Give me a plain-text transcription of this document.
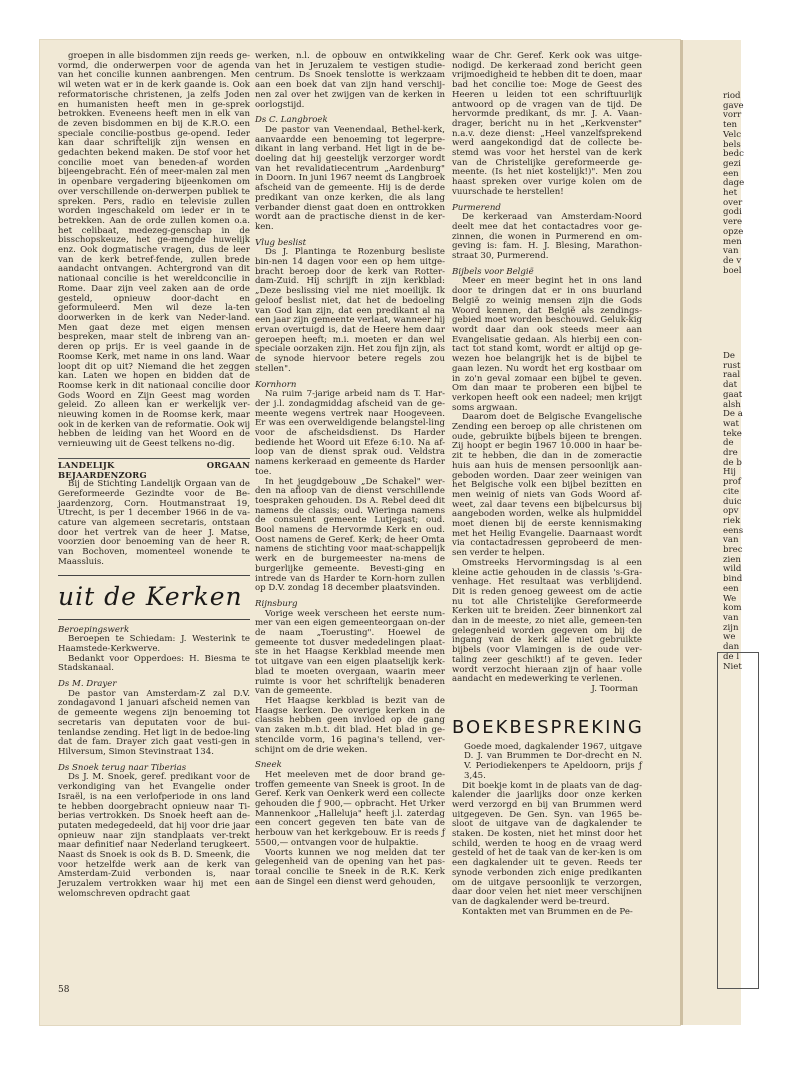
groepen in alle bisdommen zijn reeds ge-vormd, die onderwerpen voor de agenda van het concilie kunnen aanbrengen. Men wil weten wat er in de kerk gaande is. Ook reformatorische christenen, ja zelfs Joden en humanisten heeft men in ge-sprek betrokken. Eveneens heeft men in elk van de zeven bisdommen en bij de K.R.O. een speciale concilie-postbus ge-opend. Ieder kan daar schriftelijk zijn wensen en gedachten bekend maken. De stof voor het concilie moet van beneden-af worden bijeengebracht. Eén of meer-malen zal men in openbare vergadering bijeenkomen om over verschillende on-derwerpen publiek te spreken. Pers, radio en televisie zullen worden ingeschakeld om ieder er in te betrekken. Aan de orde zullen komen o.a. het celibaat, medezeg-genschap in de bisschopskeuze, het ge-mengde huwelijk enz. Ook dogmatische vragen, dus de leer van de kerk betref-fende, zullen brede aandacht ontvangen. Achtergrond van dit nationaal concilie is het wereldconcilie in Rome. Daar zijn veel zaken aan de orde gesteld, opnieuw door-dacht en geformuleerd. Men wil deze la-ten doorwerken in de kerk van Neder-land. Men gaat deze met eigen mensen bespreken, maar stelt de inbreng van an-deren op prijs. Er is veel gaande in de Roomse Kerk, met name in ons land. Waar loopt dit op uit? Niemand die het zeggen kan. Laten we hopen en bidden dat de Roomse kerk in dit nationaal concilie door Gods Woord en Zijn Geest mag worden geleid. Zo alleen kan er werkelijk ver-nieuwing komen in de Roomse kerk, maar ook in de kerken van de reformatie. Ook wij hebben de leiding van het Woord en de vernieuwing uit de Geest telkens no-dig.

LANDELIJK ORGAAN BEJAARDENZORG

Bij de Stichting Landelijk Orgaan van de Gereformeerde Gezindte voor de Be-jaardenzorg, Corn. Houtmanstraat 19, Utrecht, is per 1 december 1966 in de va-cature van algemeen secretaris, ontstaan door het vertrek van de heer J. Matse, voorzien door benoeming van de heer R. van Bochoven, momenteel wonende te Maassluis.

uit de Kerken

Beroepingswerk

Beroepen te Schiedam: J. Westerink te Haamstede-Kerkwerve.

Bedankt voor Opperdoes: H. Biesma te Stadskanaal.

Ds M. Drayer

De pastor van Amsterdam-Z zal D.V. zondagavond 1 januari afscheid nemen van de gemeente wegens zijn benoeming tot secretaris van deputaten voor de bui-tenlandse zending. Het ligt in de bedoe-ling dat de fam. Drayer zich gaat vesti-gen in Hilversum, Simon Stevinstraat 134.

Ds Snoek terug naar Tiberias

Ds J. M. Snoek, geref. predikant voor de verkondiging van het Evangelie onder Israël, is na een verlofperiode in ons land te hebben doorgebracht opnieuw naar Ti-berias vertrokken. Ds Snoek heeft aan de-putaten medegedeeld, dat hij voor drie jaar opnieuw naar zijn standplaats ver-trekt maar definitief naar Nederland terugkeert. Naast ds Snoek is ook ds B. D. Smeenk, die voor hetzelfde werk aan de kerk van Amsterdam-Zuid verbonden is, naar Jeruzalem vertrokken waar hij met een welomschreven opdracht gaat

werken, n.l. de opbouw en ontwikkeling van het in Jeruzalem te vestigen studie-centrum. Ds Snoek tenslotte is werkzaam aan een boek dat van zijn hand verschij-nen zal over het zwijgen van de kerken in oorlogstijd.

Ds C. Langbroek

De pastor van Veenendaal, Bethel-kerk, aanvaardde een benoeming tot legerpre-dikant in lang verband. Het ligt in de be-doeling dat hij geestelijk verzorger wordt van het revalidatiecentrum „Aardenburg" in Doorn. In juni 1967 neemt ds Langbroek afscheid van de gemeente. Hij is de derde predikant van onze kerken, die als lang verbander dienst gaat doen en onttrokken wordt aan de practische dienst in de ker-ken.

Vlug beslist

Ds J. Plantinga te Rozenburg besliste bin-nen 14 dagen voor een op hem uitge-bracht beroep door de kerk van Rotter-dam-Zuid. Hij schrijft in zijn kerkblad: „Deze beslissing viel me niet moeilijk. Ik geloof beslist niet, dat het de bedoeling van God kan zijn, dat een predikant al na een jaar zijn gemeente verlaat, wanneer hij ervan overtuigd is, dat de Heere hem daar geroepen heeft; m.i. moeten er dan wel speciale oorzaken zijn. Het zou fijn zijn, als de synode hiervoor betere regels zou stellen".

Kornhorn

Na ruim 7-jarige arbeid nam ds T. Har-der j.l. zondagmiddag afscheid van de ge-meente wegens vertrek naar Hoogeveen. Er was een overweldigende belangstel-ling voor de afscheidsdienst. Ds Harder bediende het Woord uit Efeze 6:10. Na af-loop van de dienst sprak oud. Veldstra namens kerkeraad en gemeente ds Harder toe.

In het jeugdgebouw „De Schakel" wer-den na afloop van de dienst verschillende toespraken gehouden. Ds A. Rebel deed dit namens de classis; oud. Wieringa namens de consulent gemeente Lutjegast; oud. Bool namens de Hervormde Kerk en oud. Oost namens de Geref. Kerk; de heer Omta namens de stichting voor maat-schappelijk werk en de burgemeester na-mens de burgerlijke gemeente. Bevesti-ging en intrede van ds Harder te Korn-horn zullen op D.V. zondag 18 december plaatsvinden.

Rijnsburg

Vorige week verscheen het eerste num-mer van een eigen gemeenteorgaan on-der de naam „Toerusting". Hoewel de gemeente tot dusver mededelingen plaat-ste in het Haagse Kerkblad meende men tot uitgave van een eigen plaatselijk kerk-blad te moeten overgaan, waarin meer ruimte is voor het schriftelijk benaderen van de gemeente.

Het Haagse kerkblad is bezit van de Haagse kerken. De overige kerken in de classis hebben geen invloed op de gang van zaken m.b.t. dit blad. Het blad in ge-stencilde vorm, 16 pagina's tellend, ver-schijnt om de drie weken.

Sneek

Het meeleven met de door brand ge-troffen gemeente van Sneek is groot. In de Geref. Kerk van Oenkerk werd een collecte gehouden die ƒ 900,— opbracht. Het Urker Mannenkoor „Halleluja" heeft j.l. zaterdag een concert gegeven ten bate van de herbouw van het kerkgebouw. Er is reeds ƒ 5500,— ontvangen voor de hulpaktie.

Voorts kunnen we nog melden dat ter gelegenheid van de opening van het pas-toraal concilie te Sneek in de R.K. Kerk aan de Singel een dienst werd gehouden,

waar de Chr. Geref. Kerk ook was uitge-nodigd. De kerkeraad zond bericht geen vrijmoedigheid te hebben dit te doen, maar bad het concilie toe: Moge de Geest des Heeren u leiden tot een schriftuurlijk antwoord op de vragen van de tijd. De hervormde predikant, ds mr. J. A. Vaan-drager, bericht nu in het „Kerkvenster" n.a.v. deze dienst: „Heel vanzelfsprekend werd aangekondigd dat de collecte be-stemd was voor het herstel van de kerk van de Christelijke gereformeerde ge-meente. (Is het niet kostelijk!)". Men zou haast spreken over vurige kolen om de vuurschade te herstellen!

Purmerend

De kerkeraad van Amsterdam-Noord deelt mee dat het contactadres voor ge-zinnen, die wonen in Purmerend en om-geving is: fam. H. J. Blesing, Marathon-straat 30, Purmerend.

Bijbels voor België

Meer en meer begint het in ons land door te dringen dat er in ons buurland België zo weinig mensen zijn die Gods Woord kennen, dat België als zendings-gebied moet worden beschouwd. Geluk-kig wordt daar dan ook steeds meer aan Evangelisatie gedaan. Als hierbij een con-tact tot stand komt, wordt er altijd op ge-wezen hoe belangrijk het is de bijbel te gaan lezen. Nu wordt het erg kostbaar om in zo'n geval zomaar een bijbel te geven. Om dan maar te proberen een bijbel te verkopen heeft ook een nadeel; men krijgt soms argwaan.

Daarom doet de Belgische Evangelische Zending een beroep op alle christenen om oude, gebruikte bijbels bijeen te brengen. Zij hoopt er begin 1967 10.000 in haar be-zit te hebben, die dan in de zomeractie huis aan huis de mensen persoonlijk aan-geboden worden. Daar zeer weinigen van het Belgische volk een bijbel bezitten en men weinig of niets van Gods Woord af-weet, zal daar tevens een bijbelcursus bij aangeboden worden, welke als hulpmiddel moet dienen bij de eerste kennismaking met het Heilig Evangelie. Daarnaast wordt via contactadressen geprobeerd de men-sen verder te helpen.

Omstreeks Hervormingsdag is al een kleine actie gehouden in de classis 's-Gra-venhage. Het resultaat was verblijdend. Dit is reden genoeg geweest om de actie nu tot alle Christelijke Gereformeerde Kerken uit te breiden. Zeer binnenkort zal dan in de meeste, zo niet alle, gemeen-ten gelegenheid worden gegeven om bij de ingang van de kerk alle niet gebruikte bijbels (voor Vlamingen is de oude ver-taling zeer geschikt!) af te geven. Ieder wordt verzocht hieraan zijn of haar volle aandacht en medewerking te verlenen.

J. Toorman

BOEKBESPREKING

Goede moed, dagkalender 1967, uitgave D. J. van Brummen te Dor-drecht en N. V. Periodiekenpers te Apeldoorn, prijs ƒ 3,45.

Dit boekje komt in de plaats van de dag-kalender die jaarlijks door onze kerken werd verzorgd en bij van Brummen werd uitgegeven. De Gen. Syn. van 1965 be-sloot de uitgave van de dagkalender te staken. De kosten, niet het minst door het schild, werden te hoog en de vraag werd gesteld of het de taak van de ker-ken is om een dagkalender uit te geven. Reeds ter synode verbonden zich enige predikanten om de uitgave persoonlijk te verzorgen, daar door velen het niet meer verschijnen van de dagkalender werd be-treurd.

Kontakten met van Brummen en de Pe-

58
riod
gave
vorr
ten
Velc
bels
bedc
gezi
een
dage
het
over
godi
vere
opze
men
van
de v
boel
De
rust
raal
dat
gaat
alsh
De a
wat
teke
de
dre
de b
Hij
prof
cite
duic
opv
riek
eens
van
brec
zien
wild
bind
een
We
kom
van
zijn
we
dan
de l
Niet
